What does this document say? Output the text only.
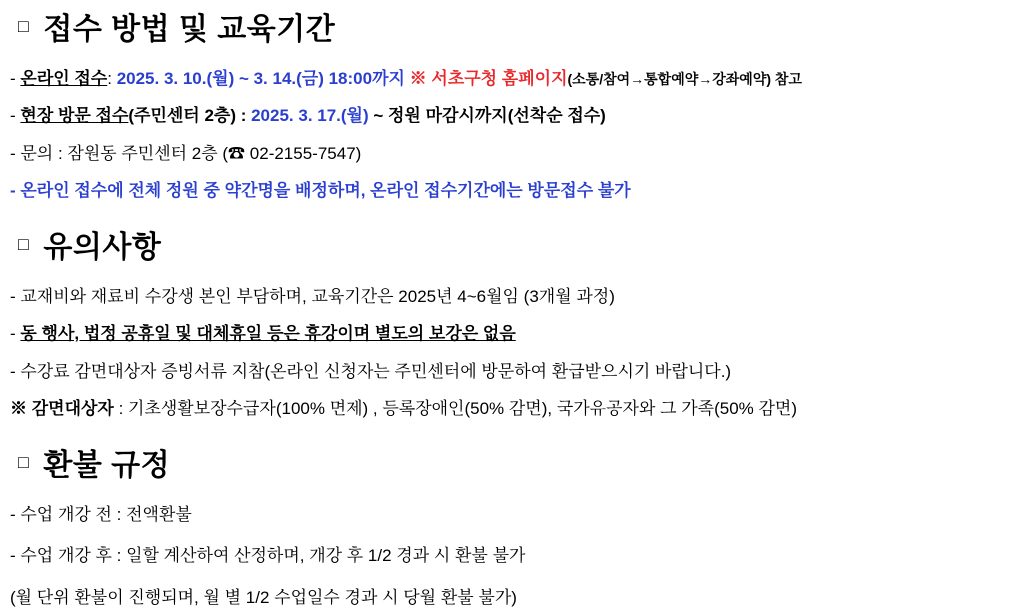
□ 접수 방법 및 교육기간
- 온라인 접수: 2025. 3. 10.(월) ~ 3. 14.(금) 18:00까지 ※ 서초구청 홈페이지(소통/참여→통합예약→강좌예약) 참고
- 현장 방문 접수(주민센터 2층) : 2025. 3. 17.(월) ~ 정원 마감시까지(선착순 접수)
- 문의 : 잠원동 주민센터 2층 (☎ 02-2155-7547)
- 온라인 접수에 전체 정원 중 약간명을 배정하며, 온라인 접수기간에는 방문접수 불가
□ 유의사항
- 교재비와 재료비 수강생 본인 부담하며, 교육기간은 2025년 4~6월임 (3개월 과정)
- 동 행사, 법정 공휴일 및 대체휴일 등은 휴강이며 별도의 보강은 없음
- 수강료 감면대상자 증빙서류 지참(온라인 신청자는 주민센터에 방문하여 환급받으시기 바랍니다.)
※ 감면대상자 : 기초생활보장수급자(100% 면제) , 등록장애인(50% 감면), 국가유공자와 그 가족(50% 감면)
□ 환불 규정
- 수업 개강 전 : 전액환불
- 수업 개강 후 : 일할 계산하여 산정하며, 개강 후 1/2 경과 시 환불 불가
(월 단위 환불이 진행되며, 월 별 1/2 수업일수 경과 시 당월 환불 불가)
